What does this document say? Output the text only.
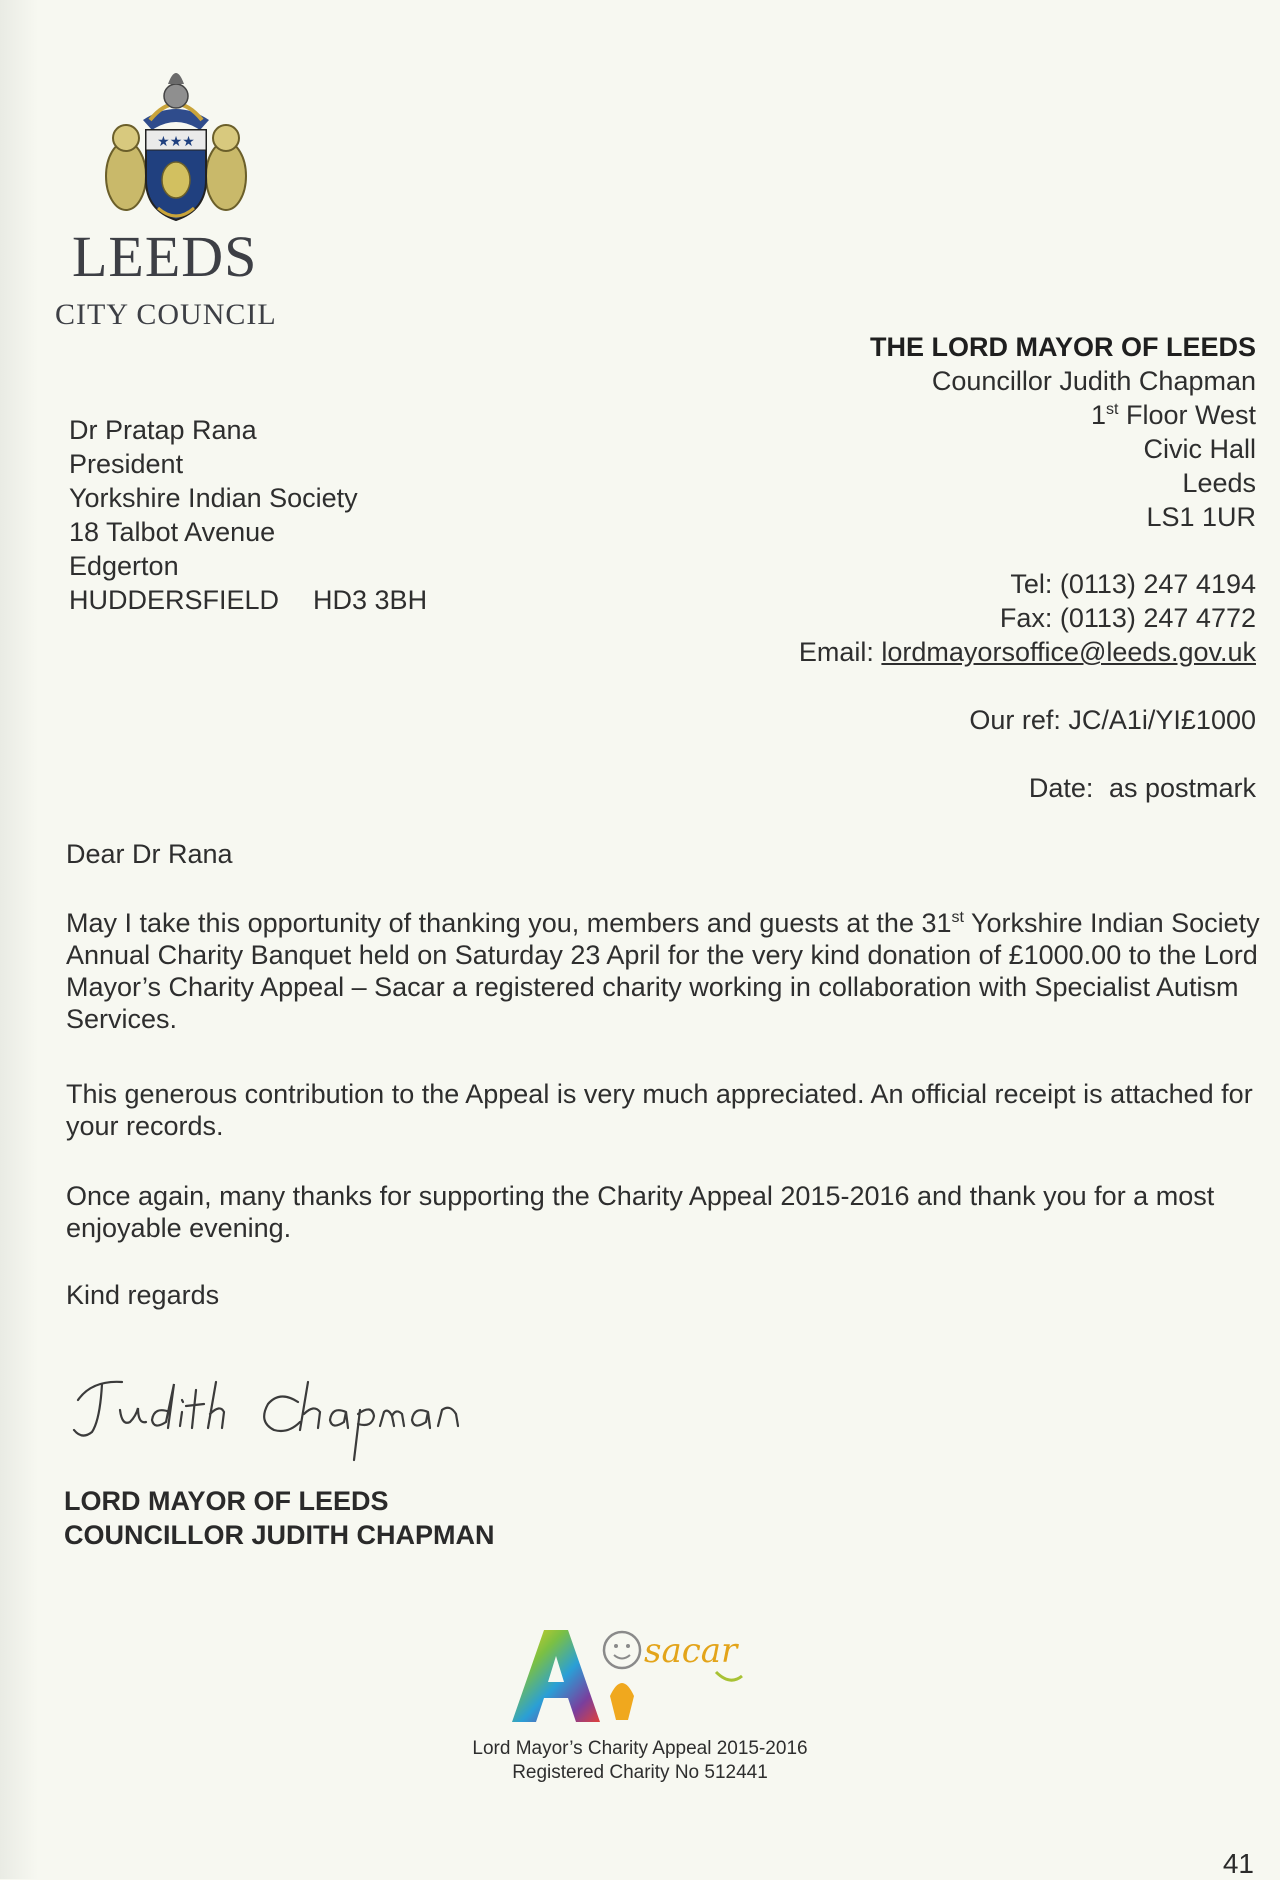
★★★
LEEDS
CITY COUNCIL
THE LORD MAYOR OF LEEDS
Councillor Judith Chapman
1st Floor West
Civic Hall
Leeds
LS1 1UR
Dr Pratap Rana
President
Yorkshire Indian Society
18 Talbot Avenue
Edgerton
HUDDERSFIELD HD3 3BH
Tel: (0113) 247 4194
Fax: (0113) 247 4772
Email: lordmayorsoffice@leeds.gov.uk
Our ref: JC/A1i/YI£1000
Date: as postmark
Dear Dr Rana
May I take this opportunity of thanking you, members and guests at the 31st Yorkshire Indian Society Annual Charity Banquet held on Saturday 23 April for the very kind donation of £1000.00 to the Lord Mayor’s Charity Appeal – Sacar a registered charity working in collaboration with Specialist Autism Services.
This generous contribution to the Appeal is very much appreciated. An official receipt is attached for your records.
Once again, many thanks for supporting the Charity Appeal 2015-2016 and thank you for a most enjoyable evening.
Kind regards
LORD MAYOR OF LEEDS
COUNCILLOR JUDITH CHAPMAN
sacar
Lord Mayor’s Charity Appeal 2015-2016
Registered Charity No 512441
41
